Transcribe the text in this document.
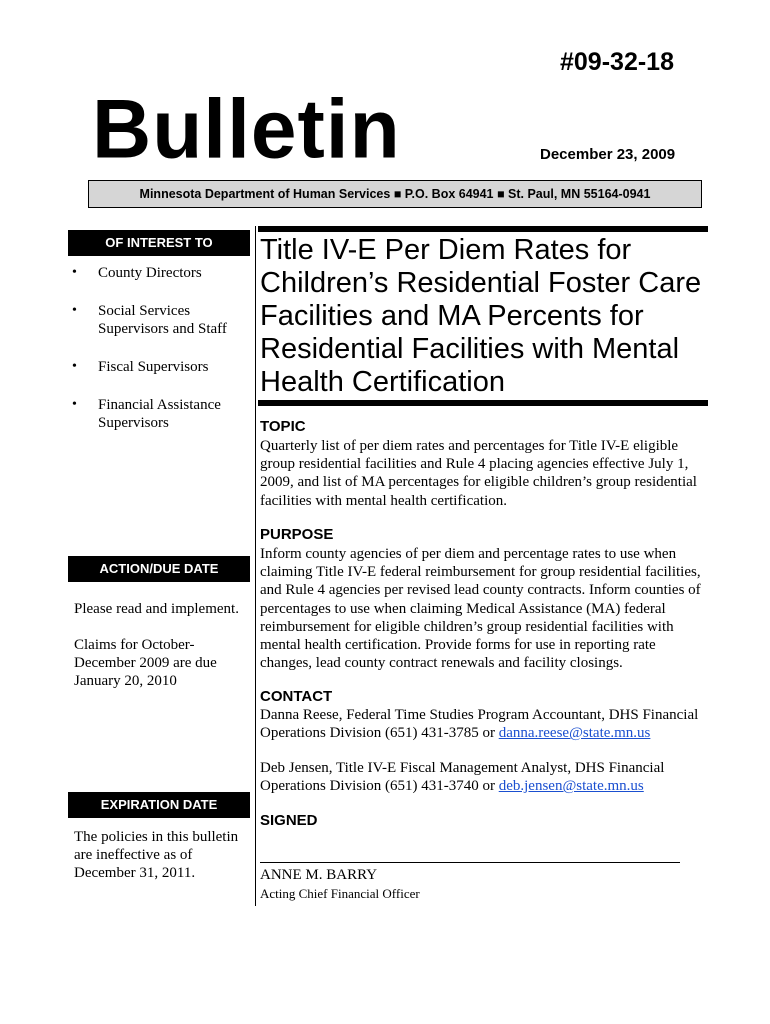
#09-32-18
Bulletin	December 23, 2009
Minnesota Department of Human Services ■ P.O. Box 64941 ■ St. Paul, MN 55164-0941
OF INTEREST TO
• County Directors
• Social Services Supervisors and Staff
• Fiscal Supervisors
• Financial Assistance Supervisors
ACTION/DUE DATE
Please read and implement.
Claims for October-December 2009 are due January 20, 2010
EXPIRATION DATE
The policies in this bulletin are ineffective as of December 31, 2011.
Title IV-E Per Diem Rates for Children’s Residential Foster Care Facilities and MA Percents for Residential Facilities with Mental Health Certification
TOPIC
Quarterly list of per diem rates and percentages for Title IV-E eligible group residential facilities and Rule 4 placing agencies effective July 1, 2009, and list of MA percentages for eligible children’s group residential facilities with mental health certification.
PURPOSE
Inform county agencies of per diem and percentage rates to use when claiming Title IV-E federal reimbursement for group residential facilities, and Rule 4 agencies per revised lead county contracts. Inform counties of percentages to use when claiming Medical Assistance (MA) federal reimbursement for eligible children’s group residential facilities with mental health certification. Provide forms for use in reporting rate changes, lead county contract renewals and facility closings.
CONTACT
Danna Reese, Federal Time Studies Program Accountant, DHS Financial Operations Division (651) 431-3785 or danna.reese@state.mn.us
Deb Jensen, Title IV-E Fiscal Management Analyst, DHS Financial Operations Division (651) 431-3740 or deb.jensen@state.mn.us
SIGNED
ANNE M. BARRY
Acting Chief Financial Officer
